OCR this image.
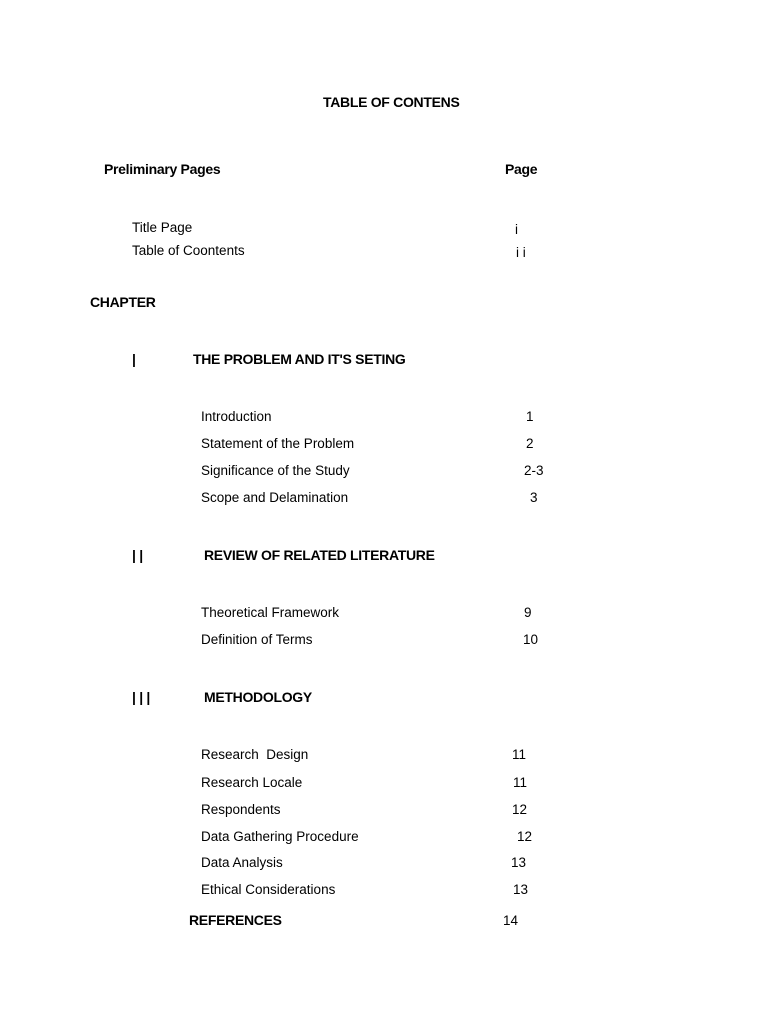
TABLE OF CONTENS
Preliminary Pages	Page
Title Page	i
Table of Coontents	i i
CHAPTER
|	THE PROBLEM AND IT'S SETING
Introduction	1
Statement of the Problem	2
Significance of the Study	2-3
Scope and Delamination	3
| |	REVIEW OF RELATED LITERATURE
Theoretical Framework	9
Definition of Terms	10
| | |	METHODOLOGY
Research  Design	11
Research Locale	11
Respondents	12
Data Gathering Procedure	12
Data Analysis	13
Ethical Considerations	13
REFERENCES	14
